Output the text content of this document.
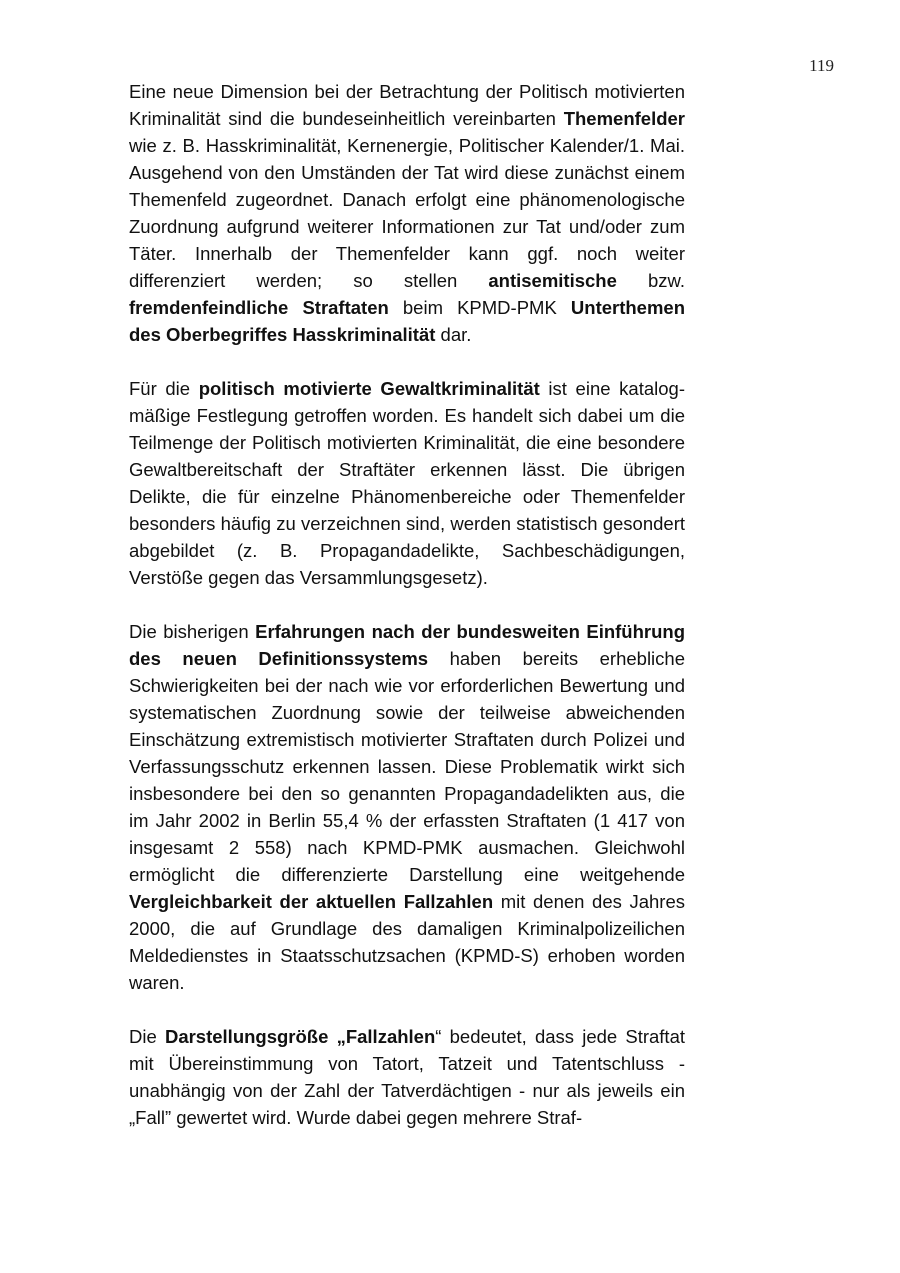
119

Eine neue Dimension bei der Betrachtung der Politisch motivierten Kriminalität sind die bundeseinheitlich vereinbarten Themenfelder wie z. B. Hasskriminalität, Kernenergie, Politischer Kalender/1. Mai. Ausgehend von den Umständen der Tat wird diese zunächst einem Themenfeld zugeordnet. Danach erfolgt eine phänomenologische Zuordnung aufgrund weiterer Informationen zur Tat und/oder zum Täter. Innerhalb der Themenfelder kann ggf. noch weiter differenziert werden; so stellen antisemitische bzw. fremdenfeindliche Straftaten beim KPMD-PMK Unterthemen des Oberbegriffes Hasskriminalität dar.

Für die politisch motivierte Gewaltkriminalität ist eine katalogmäßige Festlegung getroffen worden. Es handelt sich dabei um die Teilmenge der Politisch motivierten Kriminalität, die eine besondere Gewaltbereitschaft der Straftäter erkennen lässt. Die übrigen Delikte, die für einzelne Phänomenbereiche oder Themenfelder besonders häufig zu verzeichnen sind, werden statistisch gesondert abgebildet (z. B. Propagandadelikte, Sachbeschädigungen, Verstöße gegen das Versammlungsgesetz).

Die bisherigen Erfahrungen nach der bundesweiten Einführung des neuen Definitionssystems haben bereits erhebliche Schwierigkeiten bei der nach wie vor erforderlichen Bewertung und systematischen Zuordnung sowie der teilweise abweichenden Einschätzung extremistisch motivierter Straftaten durch Polizei und Verfassungsschutz erkennen lassen. Diese Problematik wirkt sich insbesondere bei den so genannten Propagandadelikten aus, die im Jahr 2002 in Berlin 55,4 % der erfassten Straftaten (1 417 von insgesamt 2 558) nach KPMD-PMK ausmachen. Gleichwohl ermöglicht die differenzierte Darstellung eine weitgehende Vergleichbarkeit der aktuellen Fallzahlen mit denen des Jahres 2000, die auf Grundlage des damaligen Kriminalpolizeilichen Meldedienstes in Staatsschutzsachen (KPMD-S) erhoben worden waren.

Die Darstellungsgröße „Fallzahlen“ bedeutet, dass jede Straftat mit Übereinstimmung von Tatort, Tatzeit und Tatentschluss - unabhängig von der Zahl der Tatverdächtigen - nur als jeweils ein „Fall” gewertet wird. Wurde dabei gegen mehrere Straf-
